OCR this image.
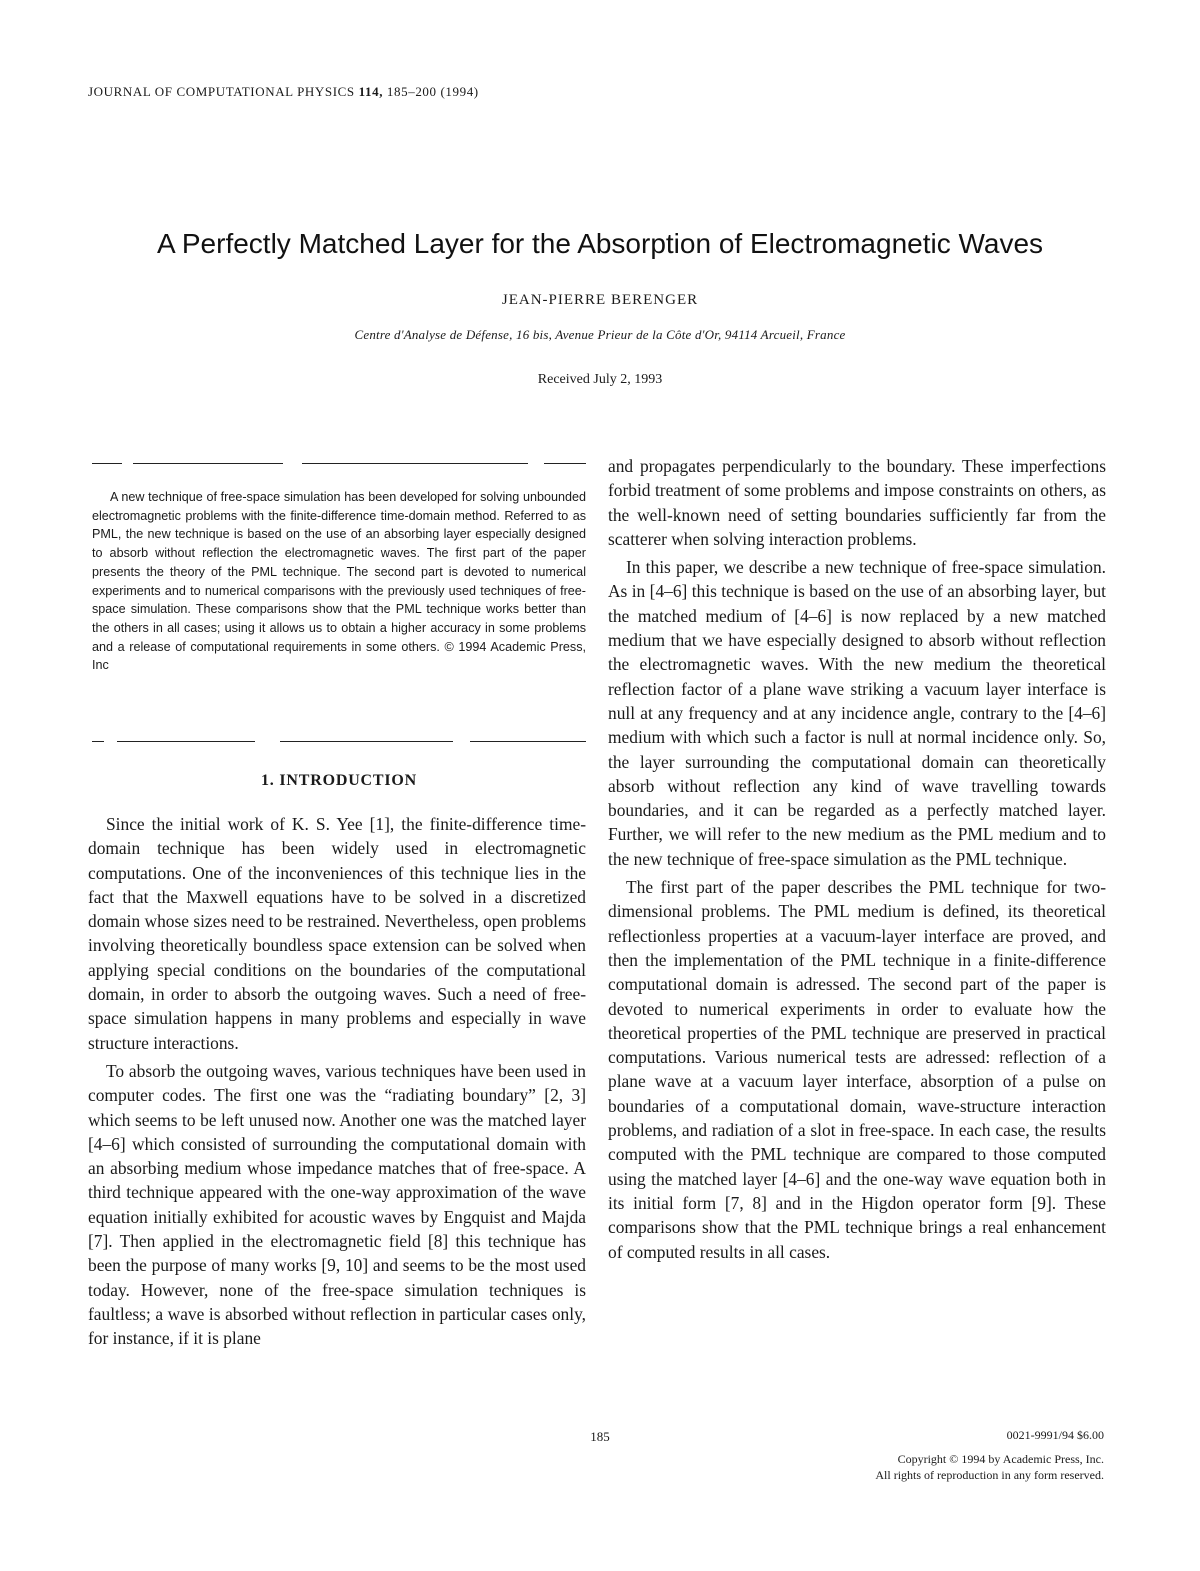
JOURNAL OF COMPUTATIONAL PHYSICS 114, 185–200 (1994)
A Perfectly Matched Layer for the Absorption of Electromagnetic Waves
JEAN-PIERRE BERENGER
Centre d'Analyse de Défense, 16 bis, Avenue Prieur de la Côte d'Or, 94114 Arcueil, France
Received July 2, 1993

A new technique of free-space simulation has been developed for solving unbounded electromagnetic problems with the finite-difference time-domain method. Referred to as PML, the new technique is based on the use of an absorbing layer especially designed to absorb without reflection the electromagnetic waves. The first part of the paper presents the theory of the PML technique. The second part is devoted to numerical experiments and to numerical comparisons with the previously used techniques of free-space simulation. These comparisons show that the PML technique works better than the others in all cases; using it allows us to obtain a higher accuracy in some problems and a release of computational requirements in some others. © 1994 Academic Press, Inc

1. INTRODUCTION

Since the initial work of K. S. Yee [1], the finite-difference time-domain technique has been widely used in electromagnetic computations. One of the inconveniences of this technique lies in the fact that the Maxwell equations have to be solved in a discretized domain whose sizes need to be restrained. Nevertheless, open problems involving theoretically boundless space extension can be solved when applying special conditions on the boundaries of the computational domain, in order to absorb the outgoing waves. Such a need of free-space simulation happens in many problems and especially in wave structure interactions.

To absorb the outgoing waves, various techniques have been used in computer codes. The first one was the “radiating boundary” [2, 3] which seems to be left unused now. Another one was the matched layer [4–6] which consisted of surrounding the computational domain with an absorbing medium whose impedance matches that of free-space. A third technique appeared with the one-way approximation of the wave equation initially exhibited for acoustic waves by Engquist and Majda [7]. Then applied in the electromagnetic field [8] this technique has been the purpose of many works [9, 10] and seems to be the most used today. However, none of the free-space simulation techniques is faultless; a wave is absorbed without reflection in particular cases only, for instance, if it is plane

and propagates perpendicularly to the boundary. These imperfections forbid treatment of some problems and impose constraints on others, as the well-known need of setting boundaries sufficiently far from the scatterer when solving interaction problems.

In this paper, we describe a new technique of free-space simulation. As in [4–6] this technique is based on the use of an absorbing layer, but the matched medium of [4–6] is now replaced by a new matched medium that we have especially designed to absorb without reflection the electromagnetic waves. With the new medium the theoretical reflection factor of a plane wave striking a vacuum layer interface is null at any frequency and at any incidence angle, contrary to the [4–6] medium with which such a factor is null at normal incidence only. So, the layer surrounding the computational domain can theoretically absorb without reflection any kind of wave travelling towards boundaries, and it can be regarded as a perfectly matched layer. Further, we will refer to the new medium as the PML medium and to the new technique of free-space simulation as the PML technique.

The first part of the paper describes the PML technique for two-dimensional problems. The PML medium is defined, its theoretical reflectionless properties at a vacuum-layer interface are proved, and then the implementation of the PML technique in a finite-difference computational domain is adressed. The second part of the paper is devoted to numerical experiments in order to evaluate how the theoretical properties of the PML technique are preserved in practical computations. Various numerical tests are adressed: reflection of a plane wave at a vacuum layer interface, absorption of a pulse on boundaries of a computational domain, wave-structure interaction problems, and radiation of a slot in free-space. In each case, the results computed with the PML technique are compared to those computed using the matched layer [4–6] and the one-way wave equation both in its initial form [7, 8] and in the Higdon operator form [9]. These comparisons show that the PML technique brings a real enhancement of computed results in all cases.

185	0021-9991/94 $6.00
Copyright © 1994 by Academic Press, Inc.
All rights of reproduction in any form reserved.
